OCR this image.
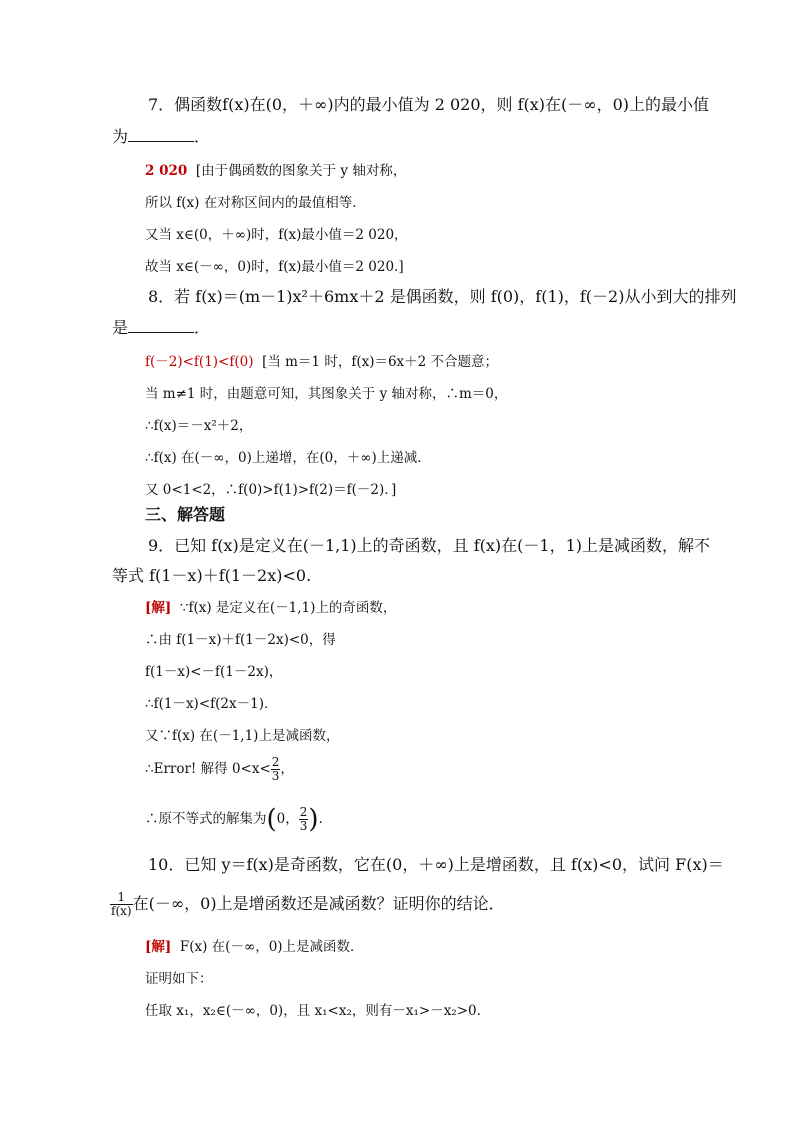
7．偶函数f(x)在(0，＋∞)内的最小值为 2 020，则 f(x)在(－∞，0)上的最小值
为	．
2 020 [由于偶函数的图象关于 y 轴对称，
所以 f(x) 在对称区间内的最值相等．
又当 x∈(0，＋∞)时，f(x)最小值＝2 020，
故当 x∈(－∞，0)时，f(x)最小值＝2 020.]
8．若 f(x)＝(m－1)x²＋6mx＋2 是偶函数，则 f(0)，f(1)，f(－2)从小到大的排列
是	．
f(－2)<f(1)<f(0) [当 m＝1 时，f(x)＝6x＋2 不合题意；
当 m≠1 时，由题意可知，其图象关于 y 轴对称，∴m＝0，
∴f(x)＝－x²＋2，
∴f(x) 在(－∞，0)上递增，在(0，＋∞)上递减．
又 0<1<2，∴f(0)>f(1)>f(2)＝f(－2)．]
三、解答题
9．已知 f(x)是定义在(－1,1)上的奇函数，且 f(x)在(－1，1)上是减函数，解不
等式 f(1－x)＋f(1－2x)<0.
[解] ∵f(x) 是定义在(－1,1)上的奇函数，
∴由 f(1－x)＋f(1－2x)<0，得
f(1－x)<－f(1－2x)，
∴f(1－x)<f(2x－1)．
又∵f(x) 在(－1,1)上是减函数，
∴Error! 解得 $0<x< \frac{2}{3}$ ，
∴原不等式的解集为(0， $\frac{2}{3}$ ).
10．已知 y＝f(x)是奇函数，它在(0，＋∞)上是增函数，且 f(x)<0，试问 F(x)＝
$\frac{1}{f(x)}$ 在(－∞，0)上是增函数还是减函数？证明你的结论．
[解] F(x) 在(－∞，0)上是减函数．
证明如下：
任取 x₁，x₂∈(－∞，0)，且 x₁<x₂，则有－x₁>－x₂>0.
